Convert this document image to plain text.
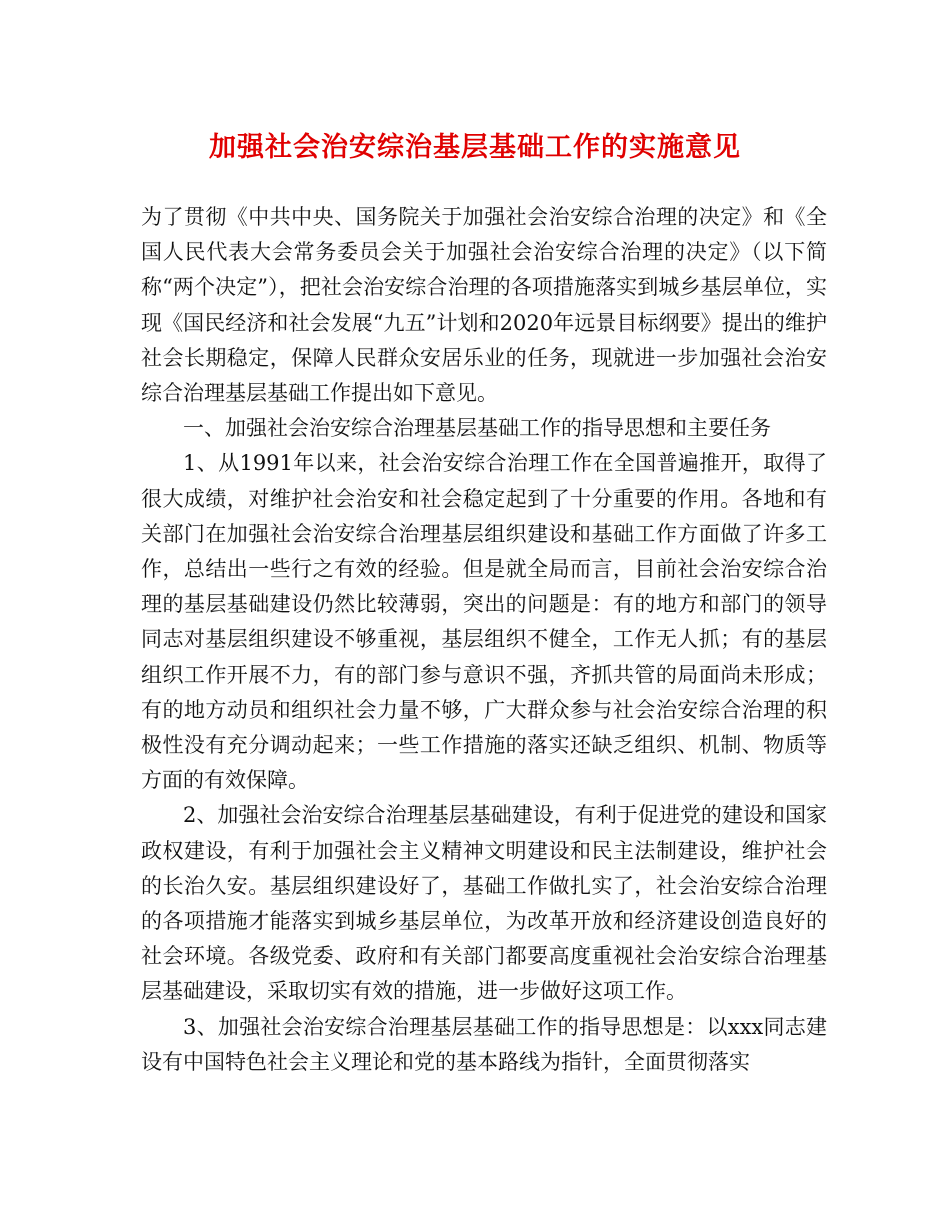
加强社会治安综治基层基础工作的实施意见

为了贯彻《中共中央、国务院关于加强社会治安综合治理的决定》和《全国人民代表大会常务委员会关于加强社会治安综合治理的决定》（以下简称“两个决定”），把社会治安综合治理的各项措施落实到城乡基层单位，实现《国民经济和社会发展“九五”计划和2020年远景目标纲要》提出的维护社会长期稳定，保障人民群众安居乐业的任务，现就进一步加强社会治安综合治理基层基础工作提出如下意见。

一、加强社会治安综合治理基层基础工作的指导思想和主要任务

1、从1991年以来，社会治安综合治理工作在全国普遍推开，取得了很大成绩，对维护社会治安和社会稳定起到了十分重要的作用。各地和有关部门在加强社会治安综合治理基层组织建设和基础工作方面做了许多工作，总结出一些行之有效的经验。但是就全局而言，目前社会治安综合治理的基层基础建设仍然比较薄弱，突出的问题是：有的地方和部门的领导同志对基层组织建设不够重视，基层组织不健全，工作无人抓；有的基层组织工作开展不力，有的部门参与意识不强，齐抓共管的局面尚未形成；有的地方动员和组织社会力量不够，广大群众参与社会治安综合治理的积极性没有充分调动起来；一些工作措施的落实还缺乏组织、机制、物质等方面的有效保障。

2、加强社会治安综合治理基层基础建设，有利于促进党的建设和国家政权建设，有利于加强社会主义精神文明建设和民主法制建设，维护社会的长治久安。基层组织建设好了，基础工作做扎实了，社会治安综合治理的各项措施才能落实到城乡基层单位，为改革开放和经济建设创造良好的社会环境。各级党委、政府和有关部门都要高度重视社会治安综合治理基层基础建设，采取切实有效的措施，进一步做好这项工作。

3、加强社会治安综合治理基层基础工作的指导思想是：以xxx同志建设有中国特色社会主义理论和党的基本路线为指针，全面贯彻落实
